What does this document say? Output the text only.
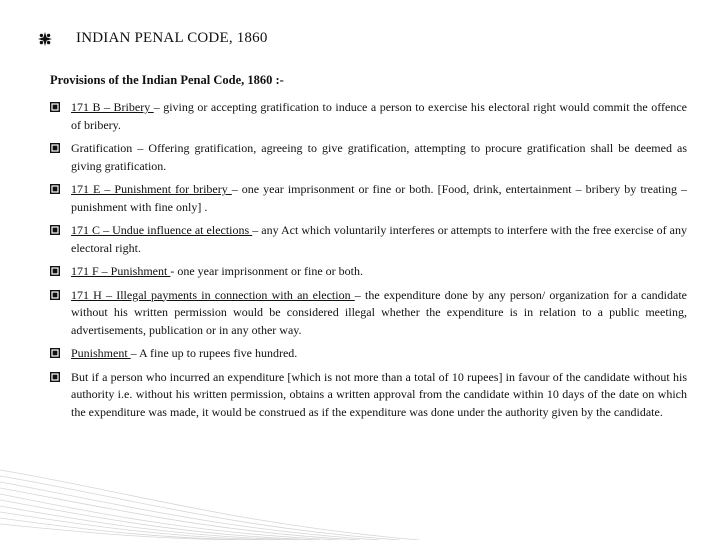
INDIAN PENAL CODE, 1860
Provisions of the Indian Penal Code, 1860 :-
171 B – Bribery – giving or accepting gratification to induce a person to exercise his electoral right would commit the offence of bribery.
Gratification – Offering gratification, agreeing to give gratification, attempting to procure gratification shall be deemed as giving gratification.
171 E – Punishment for bribery – one year imprisonment or fine or both. [Food, drink, entertainment – bribery by treating – punishment with fine only] .
171 C – Undue influence at elections – any Act which voluntarily interferes or attempts to interfere with the free exercise of any electoral right.
171 F – Punishment - one year imprisonment or fine or both.
171 H – Illegal payments in connection with an election – the expenditure done by any person/ organization for a candidate without his written permission would be considered illegal whether the expenditure is in relation to a public meeting, advertisements, publication or in any other way.
Punishment – A fine up to rupees five hundred.
But if a person who incurred an expenditure [which is not more than a total of 10 rupees] in favour of the candidate without his authority i.e. without his written permission, obtains a written approval from the candidate within 10 days of the date on which the expenditure was made, it would be construed as if the expenditure was done under the authority given by the candidate.
